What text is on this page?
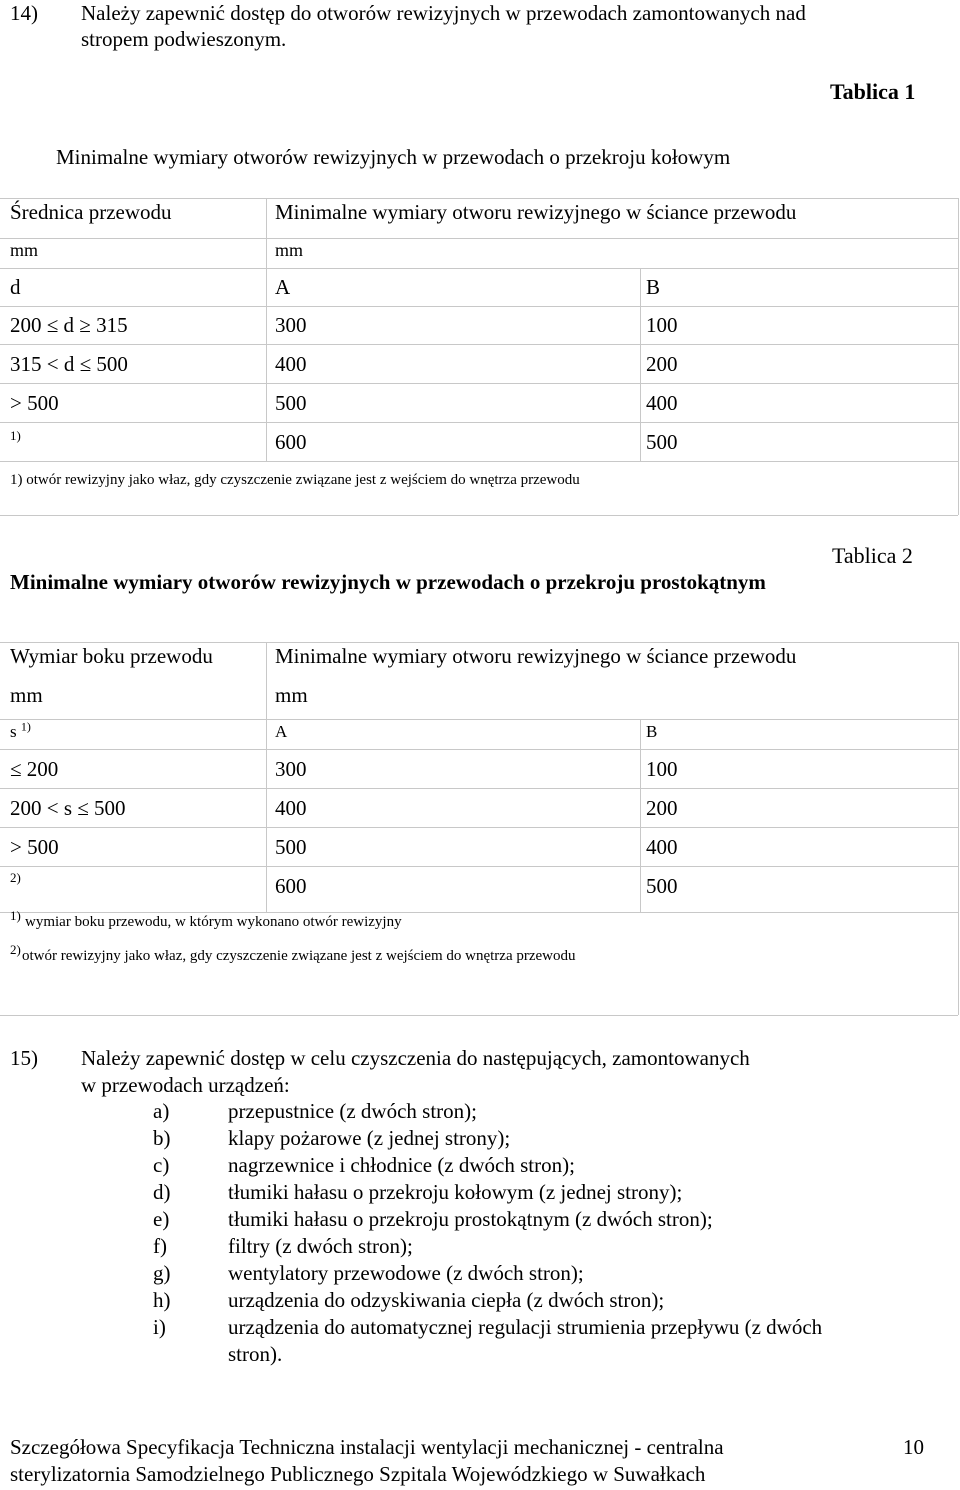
14) Należy zapewnić dostęp do otworów rewizyjnych w przewodach zamontowanych nad
stropem podwieszonym.
Tablica 1
Minimalne wymiary otworów rewizyjnych w przewodach o przekroju kołowym
Średnica przewodu	Minimalne wymiary otworu rewizyjnego w ściance przewodu
mm	mm
d	A	B
200 ≤ d ≥ 315	300	100
315 < d ≤ 500	400	200
> 500	500	400
1)	600	500
1) otwór rewizyjny jako właz, gdy czyszczenie związane jest z wejściem do wnętrza przewodu
Tablica 2
Minimalne wymiary otworów rewizyjnych w przewodach o przekroju prostokątnym
Wymiar boku przewodu	Minimalne wymiary otworu rewizyjnego w ściance przewodu
mm	mm
s $^{1)}$	A	B
≤ 200	300	100
200 < s ≤ 500	400	200
> 500	500	400
2)	600	500
1) wymiar boku przewodu, w którym wykonano otwór rewizyjny
2) otwór rewizyjny jako właz, gdy czyszczenie związane jest z wejściem do wnętrza przewodu
15) Należy zapewnić dostęp w celu czyszczenia do następujących, zamontowanych
w przewodach urządzeń:
a)	przepustnice (z dwóch stron);
b)	klapy pożarowe (z jednej strony);
c)	nagrzewnice i chłodnice (z dwóch stron);
d)	tłumiki hałasu o przekroju kołowym (z jednej strony);
e)	tłumiki hałasu o przekroju prostokątnym (z dwóch stron);
f)	filtry (z dwóch stron);
g)	wentylatory przewodowe (z dwóch stron);
h)	urządzenia do odzyskiwania ciepła (z dwóch stron);
i)	urządzenia do automatycznej regulacji strumienia przepływu (z dwóch
stron).
Szczegółowa Specyfikacja Techniczna instalacji wentylacji mechanicznej - centralna
sterylizatornia Samodzielnego Publicznego Szpitala Wojewódzkiego w Suwałkach
10
